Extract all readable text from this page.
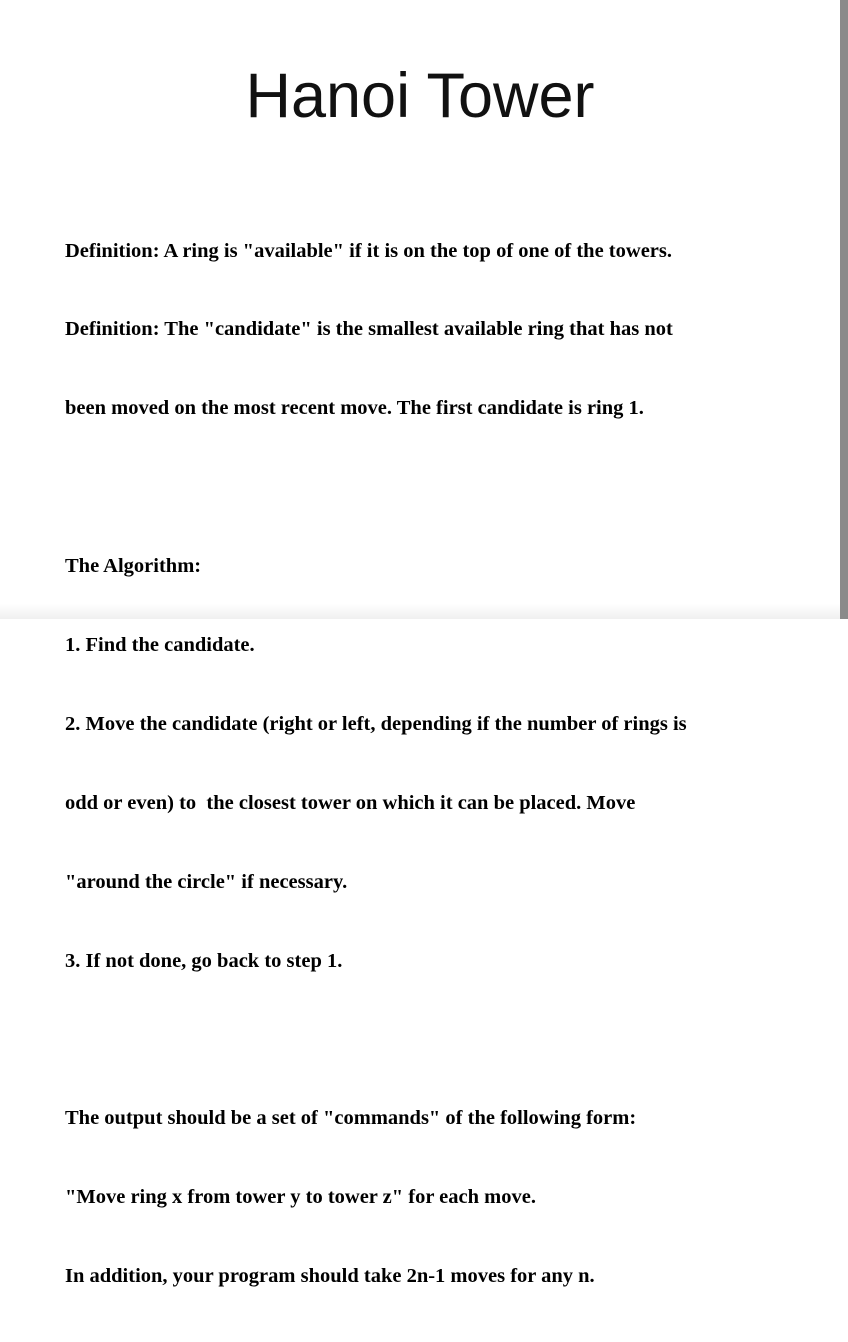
Hanoi Tower

Definition: A ring is "available" if it is on the top of one of the towers.

Definition: The "candidate" is the smallest available ring that has not

been moved on the most recent move. The first candidate is ring 1.

The Algorithm:

1. Find the candidate.

2. Move the candidate (right or left, depending if the number of rings is

odd or even) to  the closest tower on which it can be placed. Move

"around the circle" if necessary.

3. If not done, go back to step 1.

The output should be a set of "commands" of the following form:

"Move ring x from tower y to tower z" for each move.

In addition, your program should take 2n-1 moves for any n.
